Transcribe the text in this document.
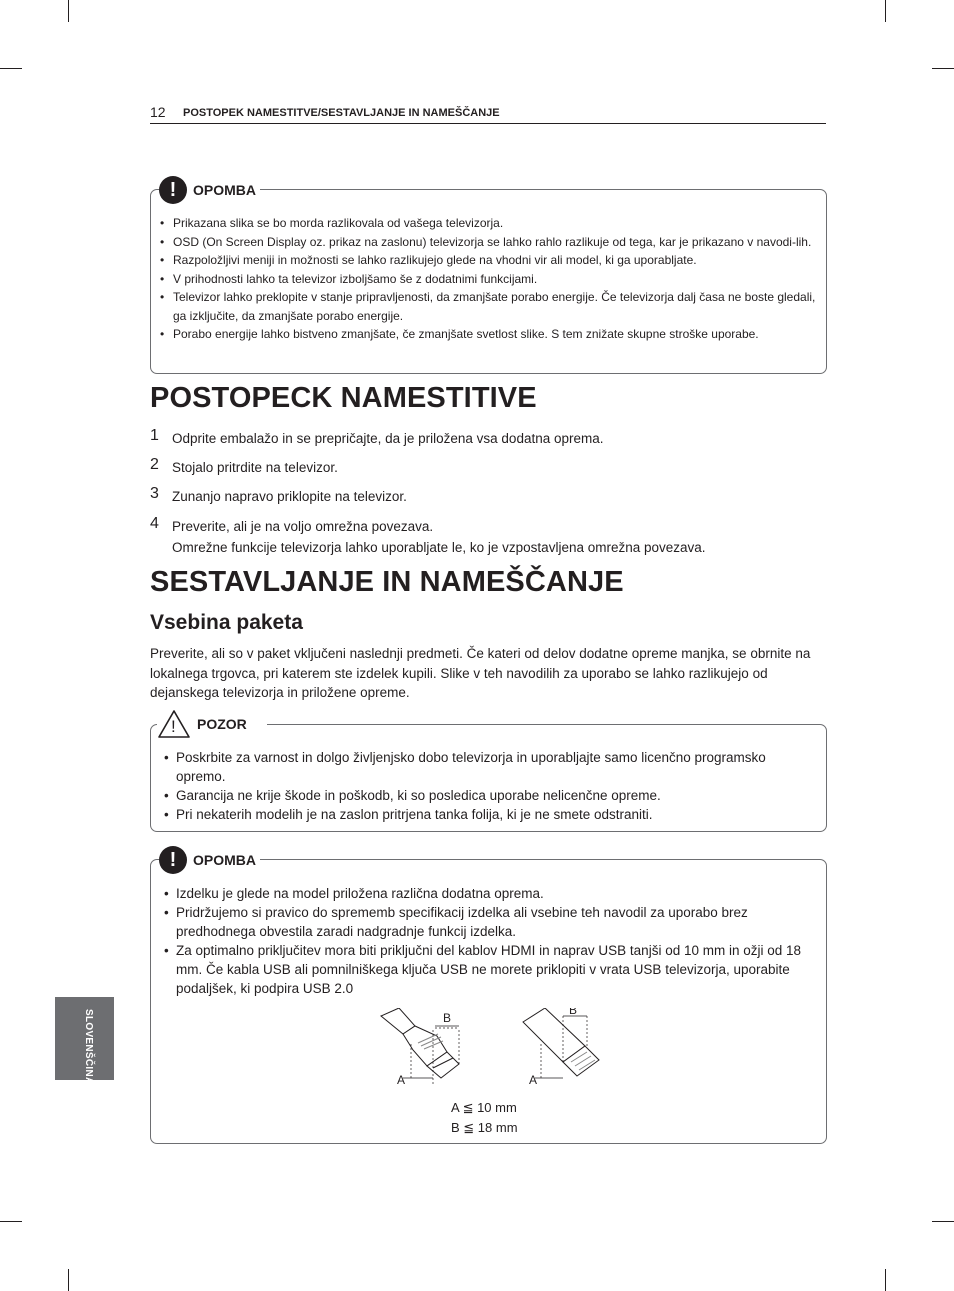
12 POSTOPEK NAMESTITVE/SESTAVLJANJE IN NAMEŠČANJE
!	OPOMBA
• Prikazana slika se bo morda razlikovala od vašega televizorja.
• OSD (On Screen Display oz. prikaz na zaslonu) televizorja se lahko rahlo razlikuje od tega, kar je prikazano v navodi-lih.
• Razpoložljivi meniji in možnosti se lahko razlikujejo glede na vhodni vir ali model, ki ga uporabljate.
• V prihodnosti lahko ta televizor izboljšamo še z dodatnimi funkcijami.
• Televizor lahko preklopite v stanje pripravljenosti, da zmanjšate porabo energije. Če televizorja dalj časa ne boste gledali, ga izključite, da zmanjšate porabo energije.
• Porabo energije lahko bistveno zmanjšate, če zmanjšate svetlost slike. S tem znižate skupne stroške uporabe.
POSTOPECK NAMESTITIVE
1 Odprite embalažo in se prepričajte, da je priložena vsa dodatna oprema.
2 Stojalo pritrdite na televizor.
3 Zunanjo napravo priklopite na televizor.
4 Preverite, ali je na voljo omrežna povezava.
Omrežne funkcije televizorja lahko uporabljate le, ko je vzpostavljena omrežna povezava.
SESTAVLJANJE IN NAMEŠČANJE
Vsebina paketa

Preverite, ali so v paket vključeni naslednji predmeti. Če kateri od delov dodatne opreme manjka, se obrnite na lokalnega trgovca, pri katerem ste izdelek kupili. Slike v teh navodilih za uporabo se lahko razlikujejo od dejanskega televizorja in priložene opreme.

POZOR
!
• Poskrbite za varnost in dolgo življenjsko dobo televizorja in uporabljajte samo licenčno programsko opremo.
• Garancija ne krije škode in poškodb, ki so posledica uporabe nelicenčne opreme.
• Pri nekaterih modelih je na zaslon pritrjena tanka folija, ki je ne smete odstraniti.
!	OPOMBA
• Izdelku je glede na model priložena različna dodatna oprema.
• Pridržujemo si pravico do sprememb specifikacij izdelka ali vsebine teh navodil za uporabo brez predhodnega obvestila zaradi nadgradnje funkcij izdelka.
• Za optimalno priključitev mora biti priključni del kablov HDMI in naprav USB tanjši od 10 mm in ožji od 18 mm. Če kabla USB ali pomnilniškega ključa USB ne morete priklopiti v vrata USB televizorja, uporabite podaljšek, ki podpira USB 2.0
B
A
B
A
A ≦ 10 mm
B ≦ 18 mm
SLOVENŠČINA
